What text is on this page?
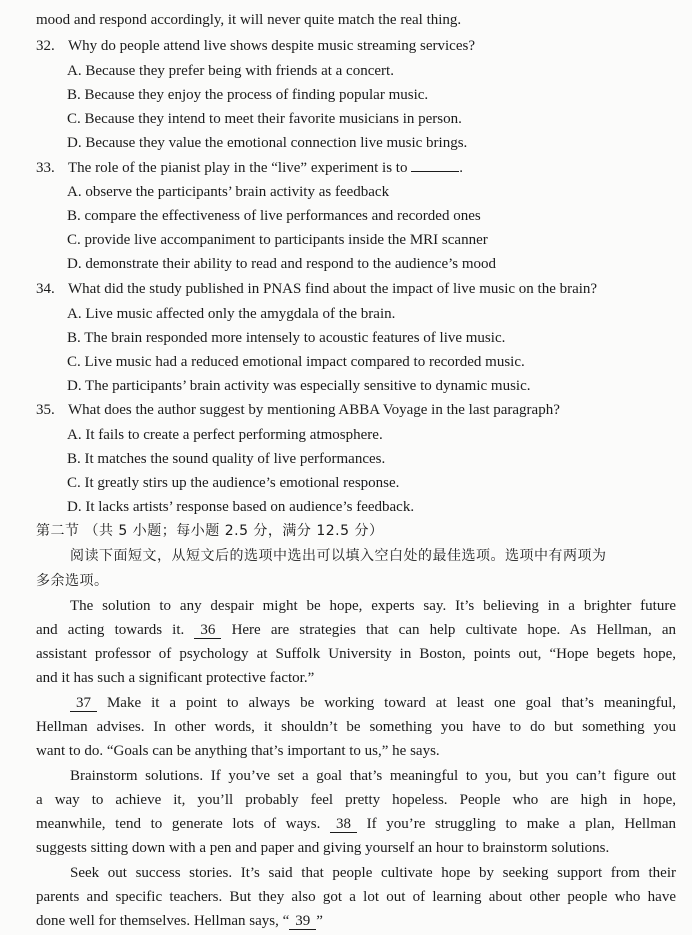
mood and respond accordingly, it will never quite match the real thing.
32. Why do people attend live shows despite music streaming services?
A. Because they prefer being with friends at a concert.
B. Because they enjoy the process of finding popular music.
C. Because they intend to meet their favorite musicians in person.
D. Because they value the emotional connection live music brings.
33. The role of the pianist play in the “live” experiment is to	.
A. observe the participants’ brain activity as feedback
B. compare the effectiveness of live performances and recorded ones
C. provide live accompaniment to participants inside the MRI scanner
D. demonstrate their ability to read and respond to the audience’s mood
34. What did the study published in PNAS find about the impact of live music on the brain?
A. Live music affected only the amygdala of the brain.
B. The brain responded more intensely to acoustic features of live music.
C. Live music had a reduced emotional impact compared to recorded music.
D. The participants’ brain activity was especially sensitive to dynamic music.
35. What does the author suggest by mentioning ABBA Voyage in the last paragraph?
A. It fails to create a perfect performing atmosphere.
B. It matches the sound quality of live performances.
C. It greatly stirs up the audience’s emotional response.
D. It lacks artists’ response based on audience’s feedback.
第二节 （共 5 小题；每小题 2.5 分，满分 12.5 分）
阅读下面短文，从短文后的选项中选出可以填入空白处的最佳选项。选项中有两项为
多余选项。
The solution to any despair might be hope, experts say. It’s believing in a brighter future
and acting towards it. 36 Here are strategies that can help cultivate hope. As Hellman, an
assistant professor of psychology at Suffolk University in Boston, points out, “Hope begets hope,
and it has such a significant protective factor.”
37 Make it a point to always be working toward at least one goal that’s meaningful,
Hellman advises. In other words, it shouldn’t be something you have to do but something you
want to do. “Goals can be anything that’s important to us,” he says.
Brainstorm solutions. If you’ve set a goal that’s meaningful to you, but you can’t figure out
a way to achieve it, you’ll probably feel pretty hopeless. People who are high in hope,
meanwhile, tend to generate lots of ways. 38 If you’re struggling to make a plan, Hellman
suggests sitting down with a pen and paper and giving yourself an hour to brainstorm solutions.
Seek out success stories. It’s said that people cultivate hope by seeking support from their
parents and specific teachers. But they also got a lot out of learning about other people who have
done well for themselves. Hellman says, “ 39 ”
